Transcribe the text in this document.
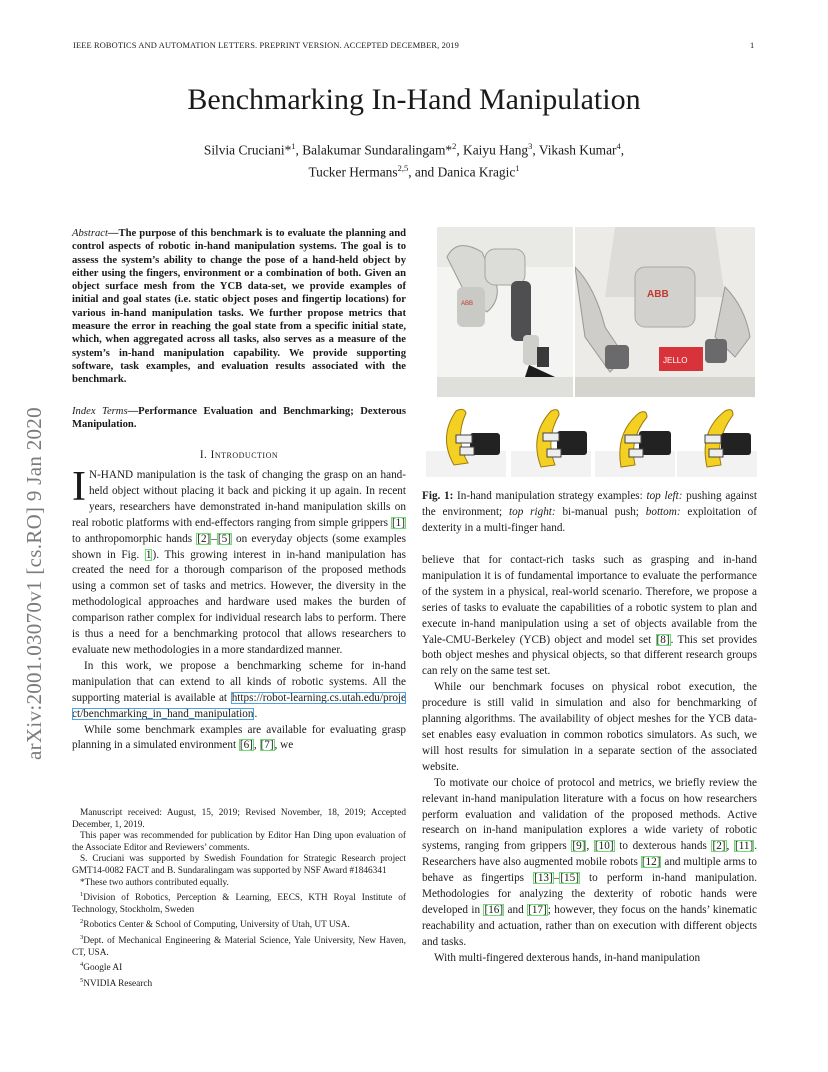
IEEE ROBOTICS AND AUTOMATION LETTERS. PREPRINT VERSION. ACCEPTED DECEMBER, 2019	1
arXiv:2001.03070v1 [cs.RO] 9 Jan 2020
Benchmarking In-Hand Manipulation
Silvia Cruciani*$^1$, Balakumar Sundaralingam*$^2$, Kaiyu Hang$^3$, Vikash Kumar$^4$,
Tucker Hermans$^{2,5}$, and Danica Kragic$^1$
Abstract—The purpose of this benchmark is to evaluate the planning and control aspects of robotic in-hand manipulation systems. The goal is to assess the system’s ability to change the pose of a hand-held object by either using the fingers, environment or a combination of both. Given an object surface mesh from the YCB data-set, we provide examples of initial and goal states (i.e. static object poses and fingertip locations) for various in-hand manipulation tasks. We further propose metrics that measure the error in reaching the goal state from a specific initial state, which, when aggregated across all tasks, also serves as a measure of the system’s in-hand manipulation capability. We provide supporting software, task examples, and evaluation results associated with the benchmark.
Index Terms—Performance Evaluation and Benchmarking; Dexterous Manipulation.
I. Introduction

I N-HAND manipulation is the task of changing the grasp on an hand-held object without placing it back and picking it up again. In recent years, researchers have demonstrated in-hand manipulation skills on real robotic platforms with end-effectors ranging from simple grippers [1] to anthropomorphic hands [2]–[5] on everyday objects (some examples shown in Fig. 1). This growing interest in in-hand manipulation has created the need for a thorough comparison of the proposed methods using a common set of tasks and metrics. However, the diversity in the methodological approaches and hardware used makes the burden of comparison rather complex for individual research labs to perform. There is thus a need for a benchmarking protocol that allows researchers to evaluate new methodologies in a more standardized manner.

In this work, we propose a benchmarking scheme for in-hand manipulation that can extend to all kinds of robotic systems. All the supporting material is available at https://robot-learning.cs.utah.edu/project/benchmarking_in_hand_manipulation.

While some benchmark examples are available for evaluating grasp planning in a simulated environment [6], [7], we

Manuscript received: August, 15, 2019; Revised November, 18, 2019; Accepted December, 1, 2019.

This paper was recommended for publication by Editor Han Ding upon evaluation of the Associate Editor and Reviewers’ comments.

S. Cruciani was supported by Swedish Foundation for Strategic Research project GMT14-0082 FACT and B. Sundaralingam was supported by NSF Award #1846341

*These two authors contributed equally.

$^1$Division of Robotics, Perception & Learning, EECS, KTH Royal Institute of Technology, Stockholm, Sweden

$^2$Robotics Center & School of Computing, University of Utah, UT USA.

$^3$Dept. of Mechanical Engineering & Material Science, Yale University, New Haven, CT, USA.

$^4$Google AI

$^5$NVIDIA Research

ABB
ABB
JELLO
Fig. 1: In-hand manipulation strategy examples: top left: pushing against the environment; top right: bi-manual push; bottom: exploitation of dexterity in a multi-finger hand.

believe that for contact-rich tasks such as grasping and in-hand manipulation it is of fundamental importance to evaluate the performance of the system in a physical, real-world scenario. Therefore, we propose a series of tasks to evaluate the capabilities of a robotic system to plan and execute in-hand manipulation using a set of objects available from the Yale-CMU-Berkeley (YCB) object and model set [8]. This set provides both object meshes and physical objects, so that different research groups can rely on the same test set.

While our benchmark focuses on physical robot execution, the procedure is still valid in simulation and also for benchmarking of planning algorithms. The availability of object meshes for the YCB data-set enables easy evaluation in common robotics simulators. As such, we will host results for simulation in a separate section of the associated website.

To motivate our choice of protocol and metrics, we briefly review the relevant in-hand manipulation literature with a focus on how researchers perform evaluation and validation of the proposed methods. Active research on in-hand manipulation explores a wide variety of robotic systems, ranging from grippers [9], [10] to dexterous hands [2], [11]. Researchers have also augmented mobile robots [12] and multiple arms to behave as fingertips [13]–[15] to perform in-hand manipulation. Methodologies for analyzing the dexterity of robotic hands were developed in [16] and [17]; however, they focus on the hands’ kinematic reachability and actuation, rather than on execution with different objects and tasks.

With multi-fingered dexterous hands, in-hand manipulation
